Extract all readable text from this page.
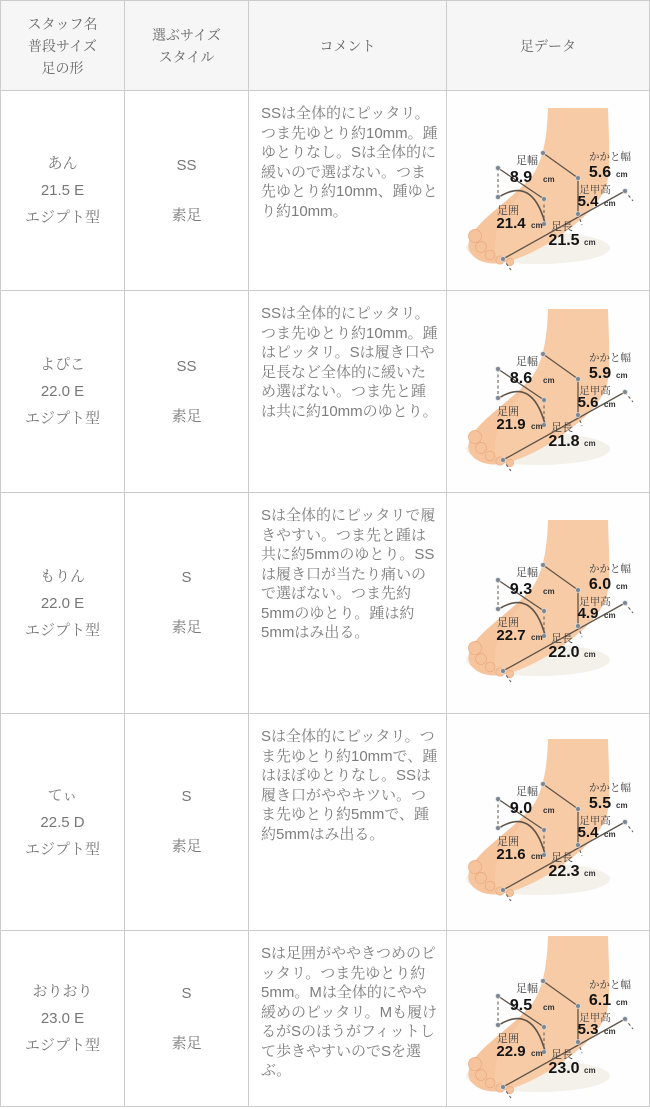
スタッフ名
普段サイズ
足の形
選ぶサイズ
スタイル
コメント	足データ
あん
21.5 E
エジプト型
SS
素足

SSは全体的にピッタリ。つま先ゆとり約10mm。踵ゆとりなし。Sは全体的に緩いので選ばない。つま先ゆとり約10mm、踵ゆとり約10mm。

足幅
8.9 cm
かかと幅
5.6 cm
足甲高
5.4 cm
足囲
21.4 cm 足長
21.5 cm
よぴこ
22.0 E
エジプト型
SS
素足

SSは全体的にピッタリ。つま先ゆとり約10mm。踵はピッタリ。Sは履き口や足長など全体的に緩いため選ばない。つま先と踵は共に約10mmのゆとり。

足幅
8.6 cm
かかと幅
5.9 cm
足甲高
5.6 cm
足囲
21.9 cm 足長
21.8 cm
もりん
22.0 E
エジプト型
S
素足

Sは全体的にピッタリで履きやすい。つま先と踵は共に約5mmのゆとり。SSは履き口が当たり痛いので選ばない。つま先約5mmのゆとり。踵は約5mmはみ出る。

足幅
9.3 cm
かかと幅
6.0 cm
足甲高
4.9 cm
足囲
22.7 cm 足長
22.0 cm
てぃ
22.5 D
エジプト型
S
素足

Sは全体的にピッタリ。つま先ゆとり約10mmで、踵はほぼゆとりなし。SSは履き口がややキツい。つま先ゆとり約5mmで、踵約5mmはみ出る。

足幅
9.0 cm
かかと幅
5.5 cm
足甲高
5.4 cm
足囲
21.6 cm 足長
22.3 cm
おりおり
23.0 E
エジプト型
S
素足

Sは足囲がややきつめのピッタリ。つま先ゆとり約5mm。Mは全体的にやや緩めのピッタリ。Mも履けるがSのほうがフィットして歩きやすいのでSを選ぶ。

足幅
9.5 cm
かかと幅
6.1 cm
足甲高
5.3 cm
足囲
22.9 cm 足長
23.0 cm
